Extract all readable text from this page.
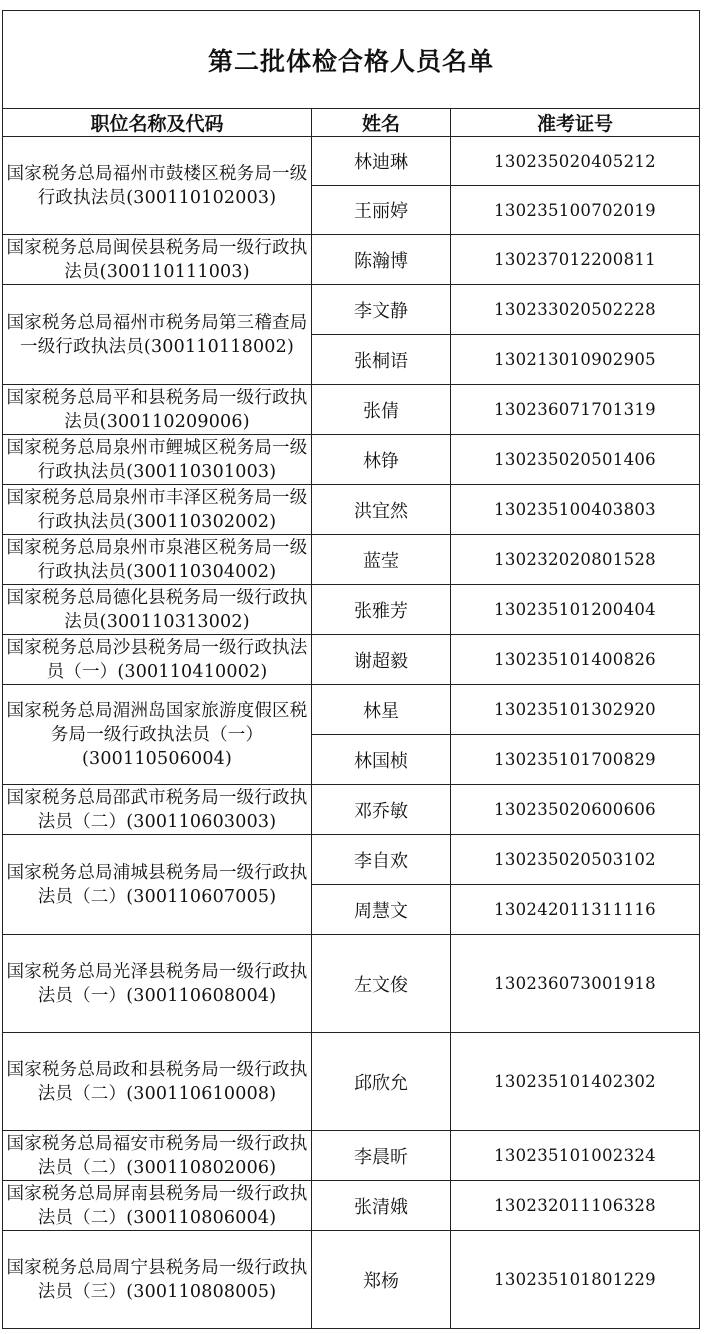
第二批体检合格人员名单		
职位名称及代码	姓名	准考证号
国家税务总局福州市鼓楼区税务局一级行政执法员(300110102003)	林迪琳	130235020405212
	王丽婷	130235100702019
国家税务总局闽侯县税务局一级行政执法员(300110111003)	陈瀚博	130237012200811
国家税务总局福州市税务局第三稽查局一级行政执法员(300110118002)	李文静	130233020502228
	张桐语	130213010902905
国家税务总局平和县税务局一级行政执法员(300110209006)	张倩	130236071701319
国家税务总局泉州市鲤城区税务局一级行政执法员(300110301003)	林铮	130235020501406
国家税务总局泉州市丰泽区税务局一级行政执法员(300110302002)	洪宜然	130235100403803
国家税务总局泉州市泉港区税务局一级行政执法员(300110304002)	蓝莹	130232020801528
国家税务总局德化县税务局一级行政执法员(300110313002)	张雅芳	130235101200404
国家税务总局沙县税务局一级行政执法员（一）(300110410002)	谢超毅	130235101400826
国家税务总局湄洲岛国家旅游度假区税务局一级行政执法员（一）(300110506004)	林星	130235101302920
	林国桢	130235101700829
国家税务总局邵武市税务局一级行政执法员（二）(300110603003)	邓乔敏	130235020600606
国家税务总局浦城县税务局一级行政执法员（二）(300110607005)	李自欢	130235020503102
	周慧文	130242011311116
国家税务总局光泽县税务局一级行政执法员（一）(300110608004)	左文俊	130236073001918
国家税务总局政和县税务局一级行政执法员（二）(300110610008)	邱欣允	130235101402302
国家税务总局福安市税务局一级行政执法员（二）(300110802006)	李晨昕	130235101002324
国家税务总局屏南县税务局一级行政执法员（二）(300110806004)	张清娥	130232011106328
国家税务总局周宁县税务局一级行政执法员（三）(300110808005)	郑杨	130235101801229
